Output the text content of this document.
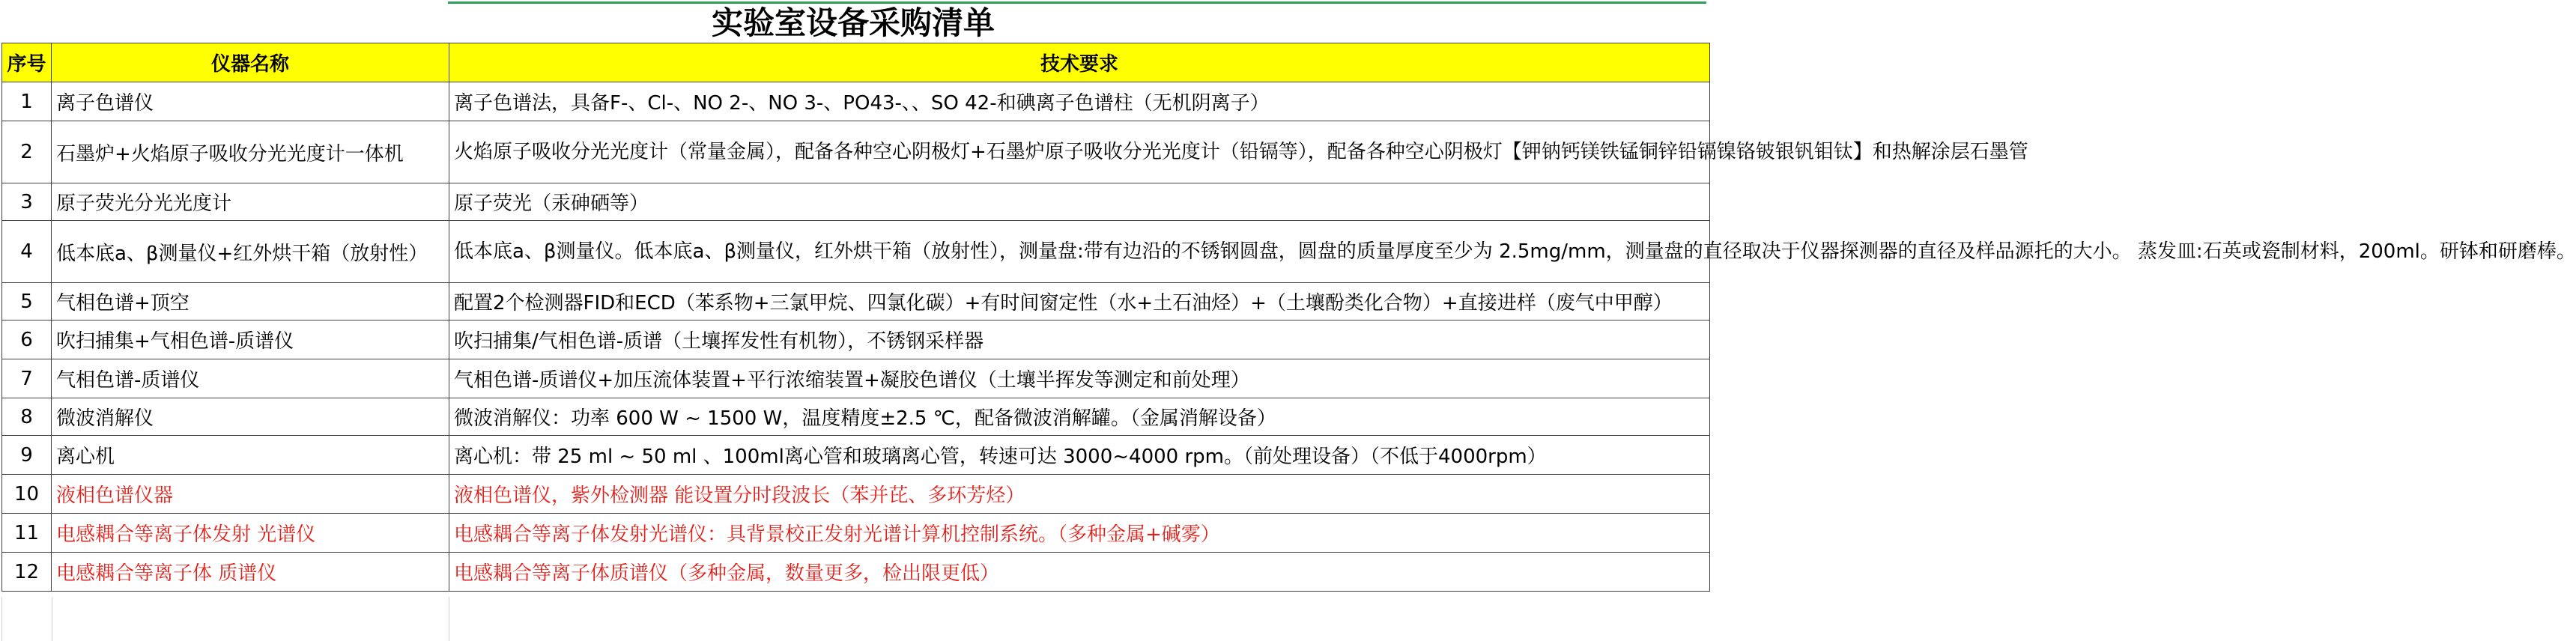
实验室设备采购清单
序号	仪器名称	技术要求
1	离子色谱仪	离子色谱法，具备F-、Cl-、NO 2-、NO 3-、PO43-、、SO 42-和碘离子色谱柱（无机阴离子）
2	石墨炉+火焰原子吸收分光光度计一体机	火焰原子吸收分光光度计（常量金属），配备各种空心阴极灯+石墨炉原子吸收分光光度计（铅镉等），配备各种空心阴极灯【钾钠钙镁铁锰铜锌铅镉镍铬铍银钒钼钛】和热解涂层石墨管
3	原子荧光分光光度计	原子荧光（汞砷硒等）
4	低本底a、β测量仪+红外烘干箱（放射性）	低本底a、β测量仪。低本底a、β测量仪，红外烘干箱（放射性），测量盘:带有边沿的不锈钢圆盘，圆盘的质量厚度至少为 2.5mg/mm，测量盘的直径取决于仪器探测器的直径及样品源托的大小。 蒸发皿:石英或瓷制材料，200ml。研钵和研磨棒。
5	气相色谱+顶空	配置2个检测器FID和ECD（苯系物+三氯甲烷、四氯化碳）+有时间窗定性（水+土石油烃）+（土壤酚类化合物）+直接进样（废气中甲醇）
6	吹扫捕集+气相色谱-质谱仪	吹扫捕集/气相色谱-质谱（土壤挥发性有机物），不锈钢采样器
7	气相色谱-质谱仪	气相色谱-质谱仪+加压流体装置+平行浓缩装置+凝胶色谱仪（土壤半挥发等测定和前处理）
8	微波消解仪	微波消解仪：功率 600 W ~ 1500 W，温度精度±2.5 ℃，配备微波消解罐。（金属消解设备）
9	离心机	离心机：带 25 ml ~ 50 ml 、100ml离心管和玻璃离心管，转速可达 3000~4000 rpm。（前处理设备）（不低于4000rpm）
10	液相色谱仪器	液相色谱仪，紫外检测器 能设置分时段波长（苯并芘、多环芳烃）
11	电感耦合等离子体发射 光谱仪	电感耦合等离子体发射光谱仪：具背景校正发射光谱计算机控制系统。（多种金属+碱雾）
12	电感耦合等离子体 质谱仪	电感耦合等离子体质谱仪（多种金属，数量更多，检出限更低）
